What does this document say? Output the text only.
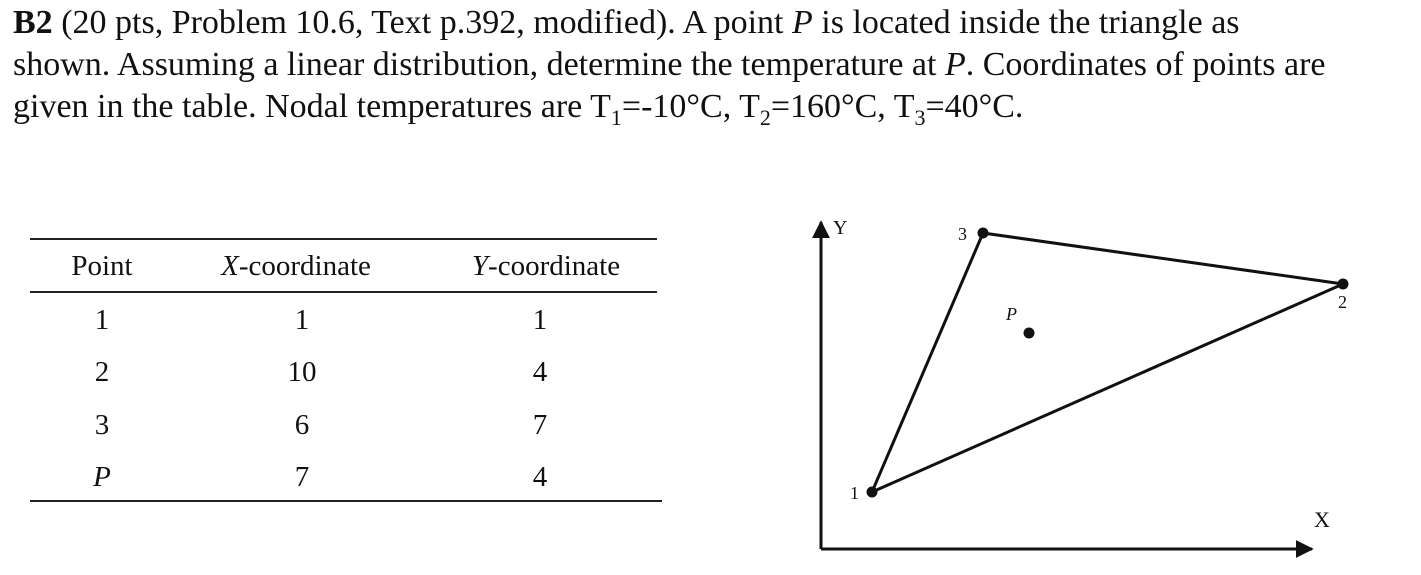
B2 (20 pts, Problem 10.6, Text p.392, modified). A point P is located inside the triangle as

shown. Assuming a linear distribution, determine the temperature at P. Coordinates of points are

given in the table. Nodal temperatures are $T_1=-10^\circ C$, $T_2=160^\circ C$, $T_3=40^\circ C$.

Point	X-coordinate	Y-coordinate
1	1	1
2	10	4
3	6	7
P	7	4
Y
X
1
2
3
P
